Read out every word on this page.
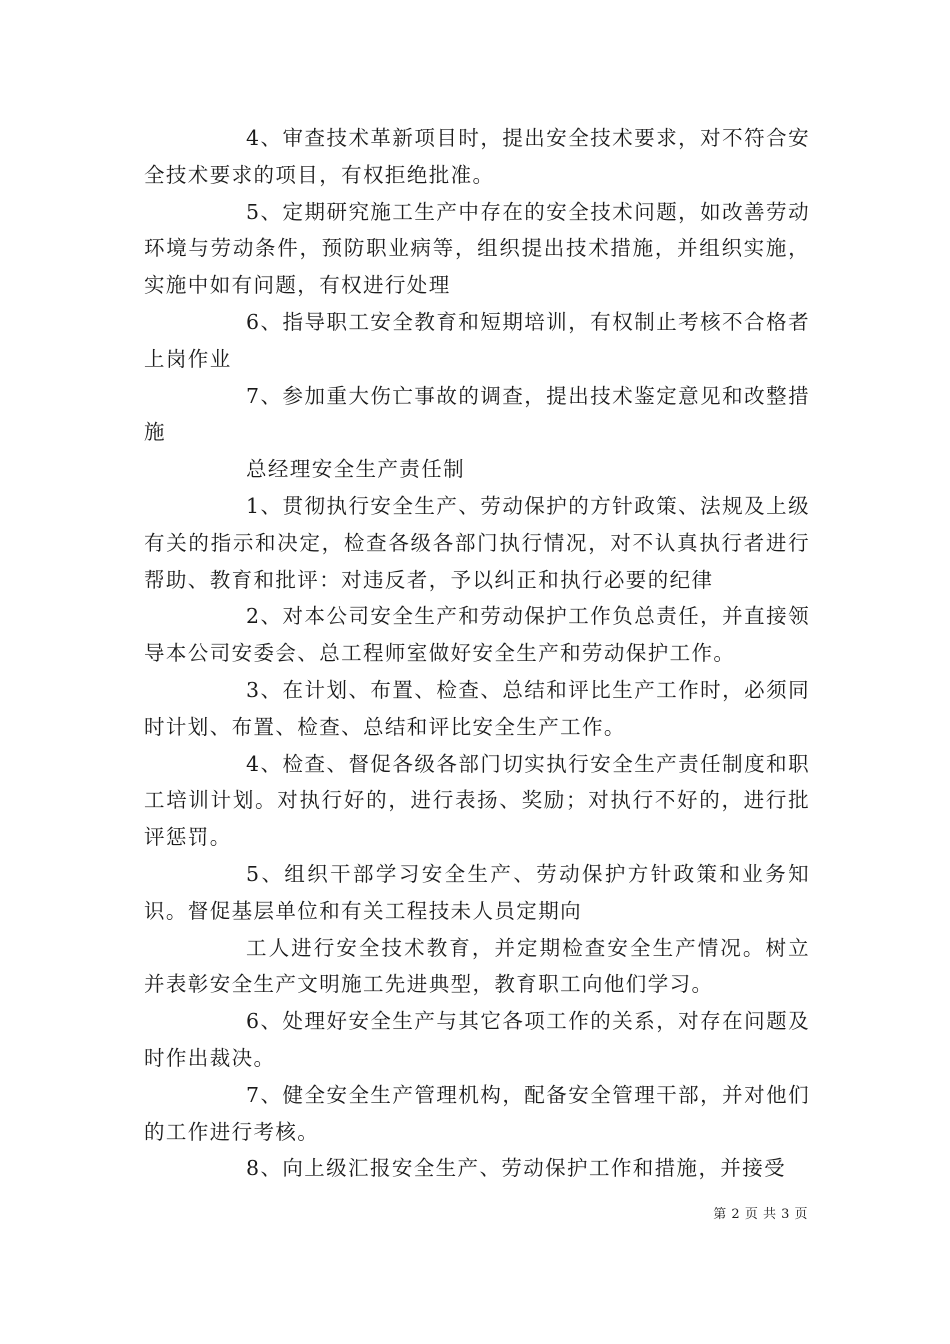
4、审查技术革新项目时，提出安全技术要求，对不符合安全技术要求的项目，有权拒绝批准。

5、定期研究施工生产中存在的安全技术问题，如改善劳动环境与劳动条件，预防职业病等，组织提出技术措施，并组织实施，实施中如有问题，有权进行处理

6、指导职工安全教育和短期培训，有权制止考核不合格者上岗作业

7、参加重大伤亡事故的调查，提出技术鉴定意见和改整措施

总经理安全生产责任制

1、贯彻执行安全生产、劳动保护的方针政策、法规及上级有关的指示和决定，检查各级各部门执行情况，对不认真执行者进行帮助、教育和批评：对违反者，予以纠正和执行必要的纪律

2、对本公司安全生产和劳动保护工作负总责任，并直接领导本公司安委会、总工程师室做好安全生产和劳动保护工作。

3、在计划、布置、检查、总结和评比生产工作时，必须同时计划、布置、检查、总结和评比安全生产工作。

4、检查、督促各级各部门切实执行安全生产责任制度和职工培训计划。对执行好的，进行表扬、奖励；对执行不好的，进行批评惩罚。

5、组织干部学习安全生产、劳动保护方针政策和业务知识。督促基层单位和有关工程技未人员定期向

工人进行安全技术教育，并定期检查安全生产情况。树立并表彰安全生产文明施工先进典型，教育职工向他们学习。

6、处理好安全生产与其它各项工作的关系，对存在问题及时作出裁决。

7、健全安全生产管理机构，配备安全管理干部，并对他们的工作进行考核。

8、向上级汇报安全生产、劳动保护工作和措施，并接受

第 2 页 共 3 页
